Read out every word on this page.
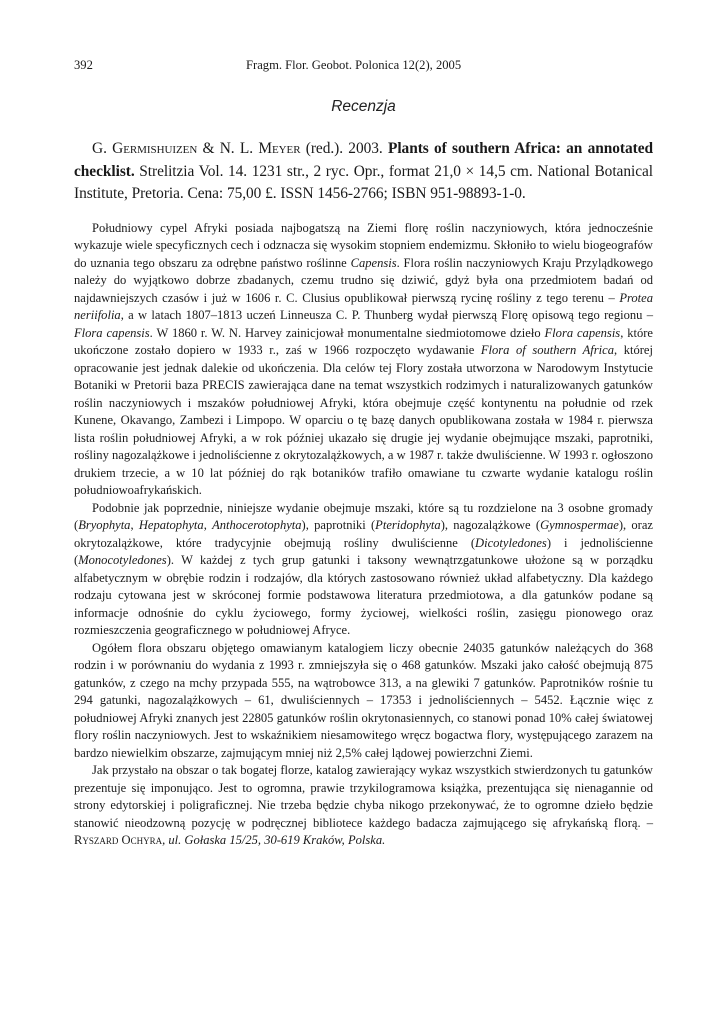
392	Fragm. Flor. Geobot. Polonica 12(2), 2005
Recenzja
G. Germishuizen & N. L. Meyer (red.). 2003. Plants of southern Africa: an annotated checklist. Strelitzia Vol. 14. 1231 str., 2 ryc. Opr., format 21,0 × 14,5 cm. National Botanical Institute, Pretoria. Cena: 75,00 £. ISSN 1456-2766; ISBN 951-98893-1-0.

Południowy cypel Afryki posiada najbogatszą na Ziemi florę roślin naczyniowych, która jednocześnie wykazuje wiele specyficznych cech i odznacza się wysokim stopniem endemizmu. Skłoniło to wielu biogeografów do uznania tego obszaru za odrębne państwo roślinne Capensis. Flora roślin naczyniowych Kraju Przylądkowego należy do wyjątkowo dobrze zbadanych, czemu trudno się dziwić, gdyż była ona przedmiotem badań od najdawniejszych czasów i już w 1606 r. C. Clusius opublikował pierwszą rycinę rośliny z tego terenu – Protea neriifolia, a w latach 1807–1813 uczeń Linneusza C. P. Thunberg wydał pierwszą Florę opisową tego regionu – Flora capensis. W 1860 r. W. N. Harvey zainicjował monumentalne siedmiotomowe dzieło Flora capensis, które ukończone zostało dopiero w 1933 r., zaś w 1966 rozpoczęto wydawanie Flora of southern Africa, której opracowanie jest jednak dalekie od ukończenia. Dla celów tej Flory została utworzona w Narodowym Instytucie Botaniki w Pretorii baza PRECIS zawierająca dane na temat wszystkich rodzimych i naturalizowanych gatunków roślin naczyniowych i mszaków południowej Afryki, która obejmuje część kontynentu na południe od rzek Kunene, Okavango, Zambezi i Limpopo. W oparciu o tę bazę danych opublikowana została w 1984 r. pierwsza lista roślin południowej Afryki, a w rok później ukazało się drugie jej wydanie obejmujące mszaki, paprotniki, rośliny nagozalążkowe i jednoliścienne z okrytozalążkowych, a w 1987 r. także dwuliścienne. W 1993 r. ogłoszono drukiem trzecie, a w 10 lat później do rąk botaników trafiło omawiane tu czwarte wydanie katalogu roślin południowoafrykańskich.

Podobnie jak poprzednie, niniejsze wydanie obejmuje mszaki, które są tu rozdzielone na 3 osobne gromady (Bryophyta, Hepatophyta, Anthocerotophyta), paprotniki (Pteridophyta), nagozalążkowe (Gymnospermae), oraz okrytozalążkowe, które tradycyjnie obejmują rośliny dwuliścienne (Dicotyledones) i jednoliścienne (Monocotyledones). W każdej z tych grup gatunki i taksony wewnątrzgatunkowe ułożone są w porządku alfabetycznym w obrębie rodzin i rodzajów, dla których zastosowano również układ alfabetyczny. Dla każdego rodzaju cytowana jest w skróconej formie podstawowa literatura przedmiotowa, a dla gatunków podane są informacje odnośnie do cyklu życiowego, formy życiowej, wielkości roślin, zasięgu pionowego oraz rozmieszczenia geograficznego w południowej Afryce.

Ogółem flora obszaru objętego omawianym katalogiem liczy obecnie 24035 gatunków należących do 368 rodzin i w porównaniu do wydania z 1993 r. zmniejszyła się o 468 gatunków. Mszaki jako całość obejmują 875 gatunków, z czego na mchy przypada 555, na wątrobowce 313, a na glewiki 7 gatunków. Paprotników rośnie tu 294 gatunki, nagozalążkowych – 61, dwuliściennych – 17353 i jednoliściennych – 5452. Łącznie więc z południowej Afryki znanych jest 22805 gatunków roślin okrytonasiennych, co stanowi ponad 10% całej światowej flory roślin naczyniowych. Jest to wskaźnikiem niesamowitego wręcz bogactwa flory, występującego zarazem na bardzo niewielkim obszarze, zajmującym mniej niż 2,5% całej lądowej powierzchni Ziemi.

Jak przystało na obszar o tak bogatej florze, katalog zawierający wykaz wszystkich stwierdzonych tu gatunków prezentuje się imponująco. Jest to ogromna, prawie trzykilogramowa książka, prezentująca się nienagannie od strony edytorskiej i poligraficznej. Nie trzeba będzie chyba nikogo przekonywać, że to ogromne dzieło będzie stanowić nieodzowną pozycję w podręcznej bibliotece każdego badacza zajmującego się afrykańską florą. – Ryszard Ochyra, ul. Gołaska 15/25, 30-619 Kraków, Polska.
